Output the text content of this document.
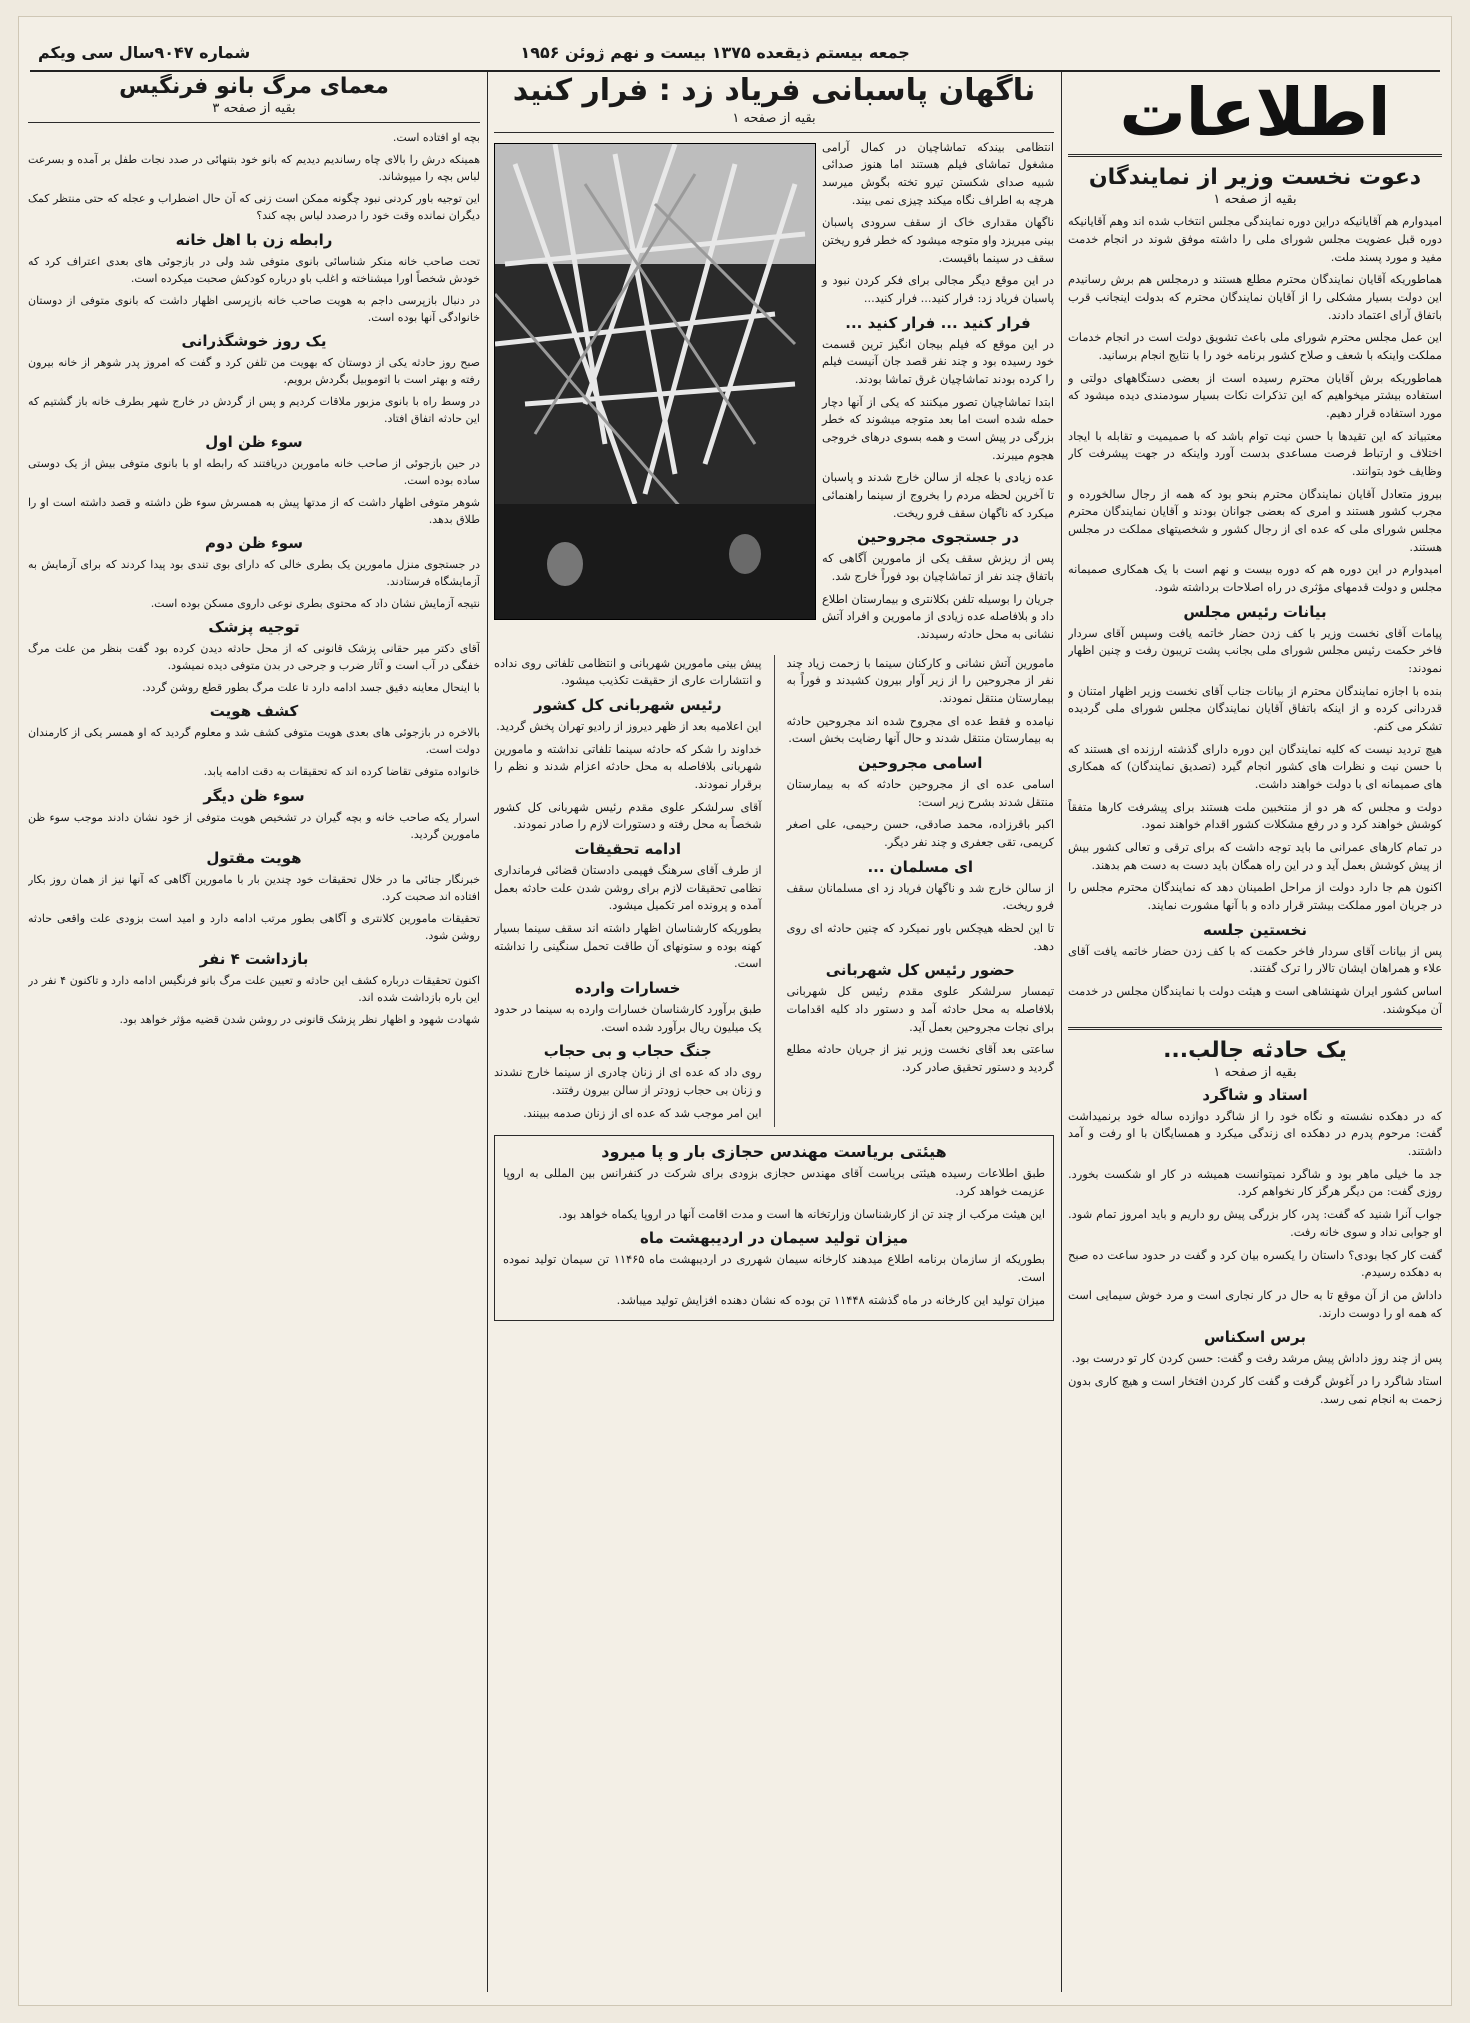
جمعه بیستم ذیقعده ۱۳۷۵ بیست و نهم ژوئن ۱۹۵۶
شماره ۹۰۴۷سال سی ویکم
اطلاعات
دعوت نخست وزیر از نمایندگان
بقیه از صفحه ۱

امیدوارم هم آقایانیکه دراین دوره نمایندگی مجلس انتخاب شده اند وهم آقایانیکه دوره قبل عضویت مجلس شورای ملی را داشته موفق شوند در انجام خدمت مفید و مورد پسند ملت.

هماطوریکه آقایان نمایندگان محترم مطلع هستند و درمجلس هم برش رسانیدم این دولت بسیار مشکلی را از آقایان نمایندگان محترم که بدولت اینجانب قرب باتفاق آرای اعتماد دادند.

این عمل مجلس محترم شورای ملی باعث تشویق دولت است در انجام خدمات مملکت واینکه با شعف و صلاح کشور برنامه خود را با نتایج انجام برسانید.

هماطوریکه برش آقایان محترم رسیده است از بعضی دستگاههای دولتی و استفاده بیشتر میخواهیم که این تذکرات نکات بسیار سودمندی دیده میشود که مورد استفاده قرار دهیم.

معتبیاند که این تقیدها با حسن نیت توام باشد که با صمیمیت و تقابله با ایجاد اختلاف و ارتباط فرصت مساعدی بدست آورد واینکه در جهت پیشرفت کار وظایف خود بتوانند.

بیروز متعادل آقایان نمایندگان محترم بنحو بود که همه از رجال سالخورده و مجرب کشور هستند و امری که بعضی جوانان بودند و آقایان نمایندگان محترم مجلس شورای ملی که عده ای از رجال کشور و شخصیتهای مملکت در مجلس هستند.

امیدوارم در این دوره هم که دوره بیست و نهم است با یک همکاری صمیمانه مجلس و دولت قدمهای مؤثری در راه اصلاحات برداشته شود.

بیانات رئیس مجلس

پیامات آقای نخست وزیر با کف زدن حضار خاتمه یافت وسپس آقای سردار فاخر حکمت رئیس مجلس شورای ملی بجانب پشت تریبون رفت و چنین اظهار نمودند:

بنده با اجازه نمایندگان محترم از بیانات جناب آقای نخست وزیر اظهار امتنان و قدردانی کرده و از اینکه باتفاق آقایان نمایندگان مجلس شورای ملی گردیده تشکر می کنم.

هیچ تردید نیست که کلیه نمایندگان این دوره دارای گذشته ارزنده ای هستند که با حسن نیت و نظرات های کشور انجام گیرد (تصدیق نمایندگان) که همکاری های صمیمانه ای با دولت خواهند داشت.

دولت و مجلس که هر دو از منتخبین ملت هستند برای پیشرفت کارها متفقاً کوشش خواهند کرد و در رفع مشکلات کشور اقدام خواهند نمود.

در تمام کارهای عمرانی ما باید توجه داشت که برای ترقی و تعالی کشور بیش از پیش کوشش بعمل آید و در این راه همگان باید دست به دست هم بدهند.

اکنون هم جا دارد دولت از مراحل اطمینان دهد که نمایندگان محترم مجلس را در جریان امور مملکت بیشتر قرار داده و با آنها مشورت نمایند.

نخستین جلسه

پس از بیانات آقای سردار فاخر حکمت که با کف زدن حضار خاتمه یافت آقای علاء و همراهان ایشان تالار را ترک گفتند.

اساس کشور ایران شهنشاهی است و هیئت دولت با نمایندگان مجلس در خدمت آن میکوشند.

یک حادثه جالب...
بقیه از صفحه ۱
استاد و شاگرد

که در دهکده نشسته و نگاه خود را از شاگرد دوازده ساله خود برنمیداشت گفت: مرحوم پدرم در دهکده ای زندگی میکرد و همسایگان با او رفت و آمد داشتند.

جد ما خیلی ماهر بود و شاگرد نمیتوانست همیشه در کار او شکست بخورد. روزی گفت: من دیگر هرگز کار نخواهم کرد.

جواب آنرا شنید که گفت: پدر، کار بزرگی پیش رو داریم و باید امروز تمام شود. او جوابی نداد و سوی خانه رفت.

گفت کار کجا بودی؟ داستان را یکسره بیان کرد و گفت در حدود ساعت ده صبح به دهکده رسیدم.

داداش من از آن موقع تا به حال در کار نجاری است و مرد خوش سیمایی است که همه او را دوست دارند.

برس اسکناس

پس از چند روز داداش پیش مرشد رفت و گفت: حسن کردن کار تو درست بود.

استاد شاگرد را در آغوش گرفت و گفت کار کردن افتخار است و هیچ کاری بدون زحمت به انجام نمی رسد.

ناگهان پاسبانی فریاد زد : فرار کنید
بقیه از صفحه ۱

انتظامی بیندکه تماشاچیان در کمال آرامی مشغول تماشای فیلم هستند اما هنوز صدائی شبیه صدای شکستن تیرو تخته بگوش میرسد هرچه به اطراف نگاه میکند چیزی نمی بیند.

ناگهان مقداری خاک از سقف سرودی پاسبان بینی میریزد واو متوجه میشود که خطر فرو ریختن سقف در سینما باقیست.

در این موقع دیگر مجالی برای فکر کردن نبود و پاسبان فریاد زد: فرار کنید... فرار کنید...

فرار کنید ... فرار کنید ...

در این موقع که فیلم بیجان انگیز ترین قسمت خود رسیده بود و چند نفر قصد جان آنیست فیلم را کرده بودند تماشاچیان غرق تماشا بودند.

ابتدا تماشاچیان تصور میکنند که یکی از آنها دچار حمله شده است اما بعد متوجه میشوند که خطر بزرگی در پیش است و همه بسوی درهای خروجی هجوم میبرند.

عده زیادی با عجله از سالن خارج شدند و پاسبان تا آخرین لحظه مردم را بخروج از سینما راهنمائی میکرد که ناگهان سقف فرو ریخت.

در جستجوی مجروحین

پس از ریزش سقف یکی از مامورین آگاهی که باتفاق چند نفر از تماشاچیان بود فوراً خارج شد.

جریان را بوسیله تلفن بکلانتری و بیمارستان اطلاع داد و بلافاصله عده زیادی از مامورین و افراد آتش نشانی به محل حادثه رسیدند.

مامورین آتش نشانی و کارکنان سینما با زحمت زیاد چند نفر از مجروحین را از زیر آوار بیرون کشیدند و فوراً به بیمارستان منتقل نمودند.

نیامده و فقط عده ای مجروح شده اند مجروحین حادثه به بیمارستان منتقل شدند و حال آنها رضایت بخش است.

اسامی مجروحین

اسامی عده ای از مجروحین حادثه که به بیمارستان منتقل شدند بشرح زیر است:

اکبر باقرزاده، محمد صادقی، حسن رحیمی، علی اصغر کریمی، تقی جعفری و چند نفر دیگر.

ای مسلمان ...

از سالن خارج شد و ناگهان فریاد زد ای مسلمانان سقف فرو ریخت.

تا این لحظه هیچکس باور نمیکرد که چنین حادثه ای روی دهد.

حضور رئیس کل شهربانی

تیمسار سرلشکر علوی مقدم رئیس کل شهربانی بلافاصله به محل حادثه آمد و دستور داد کلیه اقدامات برای نجات مجروحین بعمل آید.

ساعتی بعد آقای نخست وزیر نیز از جریان حادثه مطلع گردید و دستور تحقیق صادر کرد.

پیش بینی مامورین شهربانی و انتظامی تلفاتی روی نداده و انتشارات عاری از حقیقت تکذیب میشود.

رئیس شهربانی کل کشور

این اعلامیه بعد از ظهر دیروز از رادیو تهران پخش گردید.

خداوند را شکر که حادثه سینما تلفاتی نداشته و مامورین شهربانی بلافاصله به محل حادثه اعزام شدند و نظم را برقرار نمودند.

آقای سرلشکر علوی مقدم رئیس شهربانی کل کشور شخصاً به محل رفته و دستورات لازم را صادر نمودند.

ادامه تحقیقات

از طرف آقای سرهنگ فهیمی دادستان قضائی فرمانداری نظامی تحقیقات لازم برای روشن شدن علت حادثه بعمل آمده و پرونده امر تکمیل میشود.

بطوریکه کارشناسان اظهار داشته اند سقف سینما بسیار کهنه بوده و ستونهای آن طاقت تحمل سنگینی را نداشته است.

خسارات وارده

طبق برآورد کارشناسان خسارات وارده به سینما در حدود یک میلیون ریال برآورد شده است.

جنگ حجاب و بی حجاب

روی داد که عده ای از زنان چادری از سینما خارج نشدند و زنان بی حجاب زودتر از سالن بیرون رفتند.

این امر موجب شد که عده ای از زنان صدمه ببینند.

هیئتی بریاست مهندس حجازی بار و پا میرود

طبق اطلاعات رسیده هیئتی بریاست آقای مهندس حجازی بزودی برای شرکت در کنفرانس بین المللی به اروپا عزیمت خواهد کرد.

این هیئت مرکب از چند تن از کارشناسان وزارتخانه ها است و مدت اقامت آنها در اروپا یکماه خواهد بود.

میزان تولید سیمان در اردیبهشت ماه

بطوریکه از سازمان برنامه اطلاع میدهند کارخانه سیمان شهرری در اردیبهشت ماه ۱۱۴۶۵ تن سیمان تولید نموده است.

میزان تولید این کارخانه در ماه گذشته ۱۱۴۴۸ تن بوده که نشان دهنده افزایش تولید میباشد.

معمای مرگ بانو فرنگیس
بقیه از صفحه ۳

بچه او افتاده است.

همینکه درش را بالای چاه رساندیم دیدیم که بانو خود بتنهائی در صدد نجات طفل بر آمده و بسرعت لباس بچه را میپوشاند.

این توجیه باور کردنی نبود چگونه ممکن است زنی که آن حال اضطراب و عجله که حتی منتظر کمک دیگران نمانده وقت خود را درصدد لباس بچه کند؟

رابطه زن با اهل خانه

تحت صاحب خانه منکر شناسائی بانوی متوفی شد ولی در بازجوئی های بعدی اعتراف کرد که خودش شخصاً اورا میشناخته و اغلب باو درباره کودکش صحبت میکرده است.

در دنبال بازپرسی داجم به هویت صاحب خانه بازپرسی اظهار داشت که بانوی متوفی از دوستان خانوادگی آنها بوده است.

یک روز خوشگذرانی

صبح روز حادثه یکی از دوستان که بهویت من تلفن کرد و گفت که امروز پدر شوهر از خانه بیرون رفته و بهتر است با اتوموبیل بگردش برویم.

در وسط راه با بانوی مزبور ملاقات کردیم و پس از گردش در خارج شهر بطرف خانه باز گشتیم که این حادثه اتفاق افتاد.

سوء ظن اول

در حین بازجوئی از صاحب خانه مامورین دریافتند که رابطه او با بانوی متوفی بیش از یک دوستی ساده بوده است.

شوهر متوفی اظهار داشت که از مدتها پیش به همسرش سوء ظن داشته و قصد داشته است او را طلاق بدهد.

سوء ظن دوم

در جستجوی منزل مامورین یک بطری خالی که دارای بوی تندی بود پیدا کردند که برای آزمایش به آزمایشگاه فرستادند.

نتیجه آزمایش نشان داد که محتوی بطری نوعی داروی مسکن بوده است.

توجیه پزشک

آقای دکتر میر حقانی پزشک قانونی که از محل حادثه دیدن کرده بود گفت بنظر من علت مرگ خفگی در آب است و آثار ضرب و جرحی در بدن متوفی دیده نمیشود.

با اینحال معاینه دقیق جسد ادامه دارد تا علت مرگ بطور قطع روشن گردد.

کشف هویت

بالاخره در بازجوئی های بعدی هویت متوفی کشف شد و معلوم گردید که او همسر یکی از کارمندان دولت است.

خانواده متوفی تقاضا کرده اند که تحقیقات به دقت ادامه یابد.

سوء ظن دیگر

اسرار یکه صاحب خانه و بچه گیران در تشخیص هویت متوفی از خود نشان دادند موجب سوء ظن مامورین گردید.

هویت مقتول

خبرنگار جنائی ما در خلال تحقیقات خود چندین بار با مامورین آگاهی که آنها نیز از همان روز بکار افتاده اند صحبت کرد.

تحقیقات مامورین کلانتری و آگاهی بطور مرتب ادامه دارد و امید است بزودی علت واقعی حادثه روشن شود.

بازداشت ۴ نفر

اکنون تحقیقات درباره کشف این حادثه و تعیین علت مرگ بانو فرنگیس ادامه دارد و تاکنون ۴ نفر در این باره بازداشت شده اند.

شهادت شهود و اظهار نظر پزشک قانونی در روشن شدن قضیه مؤثر خواهد بود.
